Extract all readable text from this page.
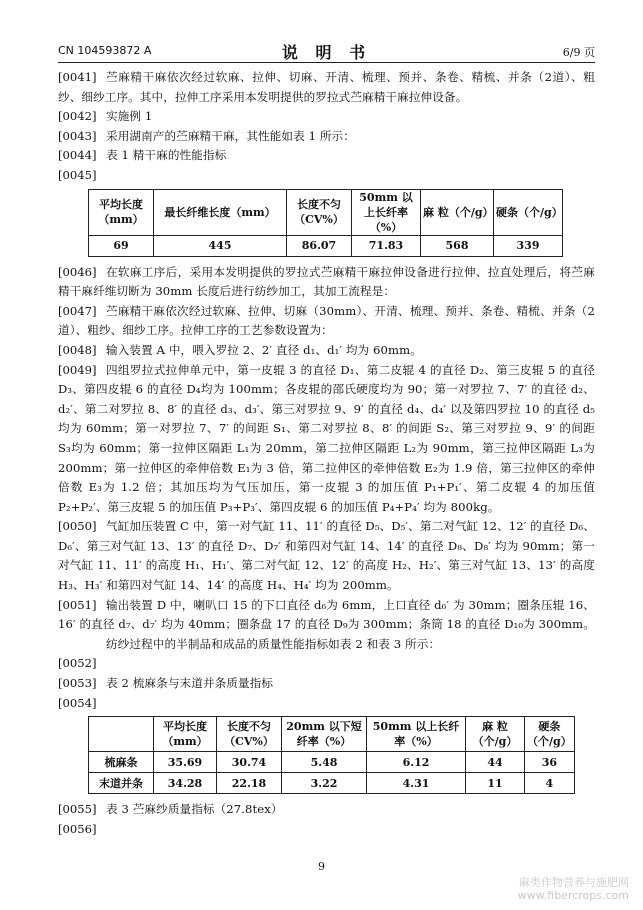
CN 104593872 A	说 明 书	6/9 页
[0041] 苎麻精干麻依次经过软麻、拉伸、切麻、开清、梳理、预并、条卷、精梳、并条（2道）、粗纱、细纱工序。其中，拉伸工序采用本发明提供的罗拉式苎麻精干麻拉伸设备。
[0042] 实施例 1
[0043] 采用湖南产的苎麻精干麻，其性能如表 1 所示：
[0044] 表 1 精干麻的性能指标
[0045]

平均长度（mm）	最长纤维长度（mm）	长度不匀（CV%）	50mm 以上长纤率（%）	麻 粒（个/g）	硬条（个/g）
69	445	86.07	71.83	568	339
[0046] 在软麻工序后，采用本发明提供的罗拉式苎麻精干麻拉伸设备进行拉伸、拉直处理后，将苎麻精干麻纤维切断为 30mm 长度后进行纺纱加工，其加工流程是：
[0047] 苎麻精干麻依次经过软麻、拉伸、切麻（30mm）、开清、梳理、预并、条卷、精梳、并条（2道）、粗纱、细纱工序。拉伸工序的工艺参数设置为：
[0048] 输入装置 A 中，喂入罗拉 2、2′ 直径 d₁、d₁′ 均为 60mm。
[0049] 四组罗拉式拉伸单元中，第一皮辊 3 的直径 D₁、第二皮辊 4 的直径 D₂、第三皮辊 5 的直径 D₃、第四皮辊 6 的直径 D₄均为 100mm；各皮辊的邵氏硬度均为 90；第一对罗拉 7、7′ 的直径 d₂、d₂′、第二对罗拉 8、8′ 的直径 d₃、d₃′、第三对罗拉 9、9′ 的直径 d₄、d₄′ 以及第四罗拉 10 的直径 d₅均为 60mm；第一对罗拉 7、7′ 的间距 S₁、第二对罗拉 8、8′ 的间距 S₂、第三对罗拉 9、9′ 的间距 S₃均为 60mm；第一拉伸区隔距 L₁为 20mm，第二拉伸区隔距 L₂为 90mm，第三拉伸区隔距 L₃为 200mm；第一拉伸区的牵伸倍数 E₁为 3 倍，第二拉伸区的牵伸倍数 E₂为 1.9 倍，第三拉伸区的牵伸倍数 E₃为 1.2 倍；其加压均为气压加压，第一皮辊 3 的加压值 P₁+P₁′、第二皮辊 4 的加压值 P₂+P₂′、第三皮辊 5 的加压值 P₃+P₃′、第四皮辊 6 的加压值 P₄+P₄′ 均为 800kg。
[0050] 气缸加压装置 C 中，第一对气缸 11、11′ 的直径 D₅、D₅′、第二对气缸 12、12′ 的直径 D₆、D₆′、第三对气缸 13、13′ 的直径 D₇、D₇′ 和第四对气缸 14、14′ 的直径 D₈、D₈′ 均为 90mm；第一对气缸 11、11′ 的高度 H₁、H₁′、第二对气缸 12、12′ 的高度 H₂、H₂′、第三对气缸 13、13′ 的高度 H₃、H₃′ 和第四对气缸 14、14′ 的高度 H₄、H₄′ 均为 200mm。
[0051] 输出装置 D 中，喇叭口 15 的下口直径 d₆为 6mm，上口直径 d₆′ 为 30mm；圈条压辊 16、16′ 的直径 d₇、d₇′ 均为 40mm；圈条盘 17 的直径 D₉为 300mm；条筒 18 的直径 D₁₀为 300mm。
纺纱过程中的半制品和成品的质量性能指标如表 2 和表 3 所示：
[0052]

[0053] 表 2 梳麻条与末道并条质量指标
[0054]

	平均长度（mm）	长度不匀（CV%）	20mm 以下短纤率（%）	50mm 以上长纤率（%）	麻 粒（个/g）	硬条（个/g）
梳麻条	35.69	30.74	5.48	6.12	44	36
末道并条	34.28	22.18	3.22	4.31	11	4
[0055] 表 3 苎麻纱质量指标（27.8tex）
[0056]

9
麻类作物营养与施肥网
www.fibercrops.com
